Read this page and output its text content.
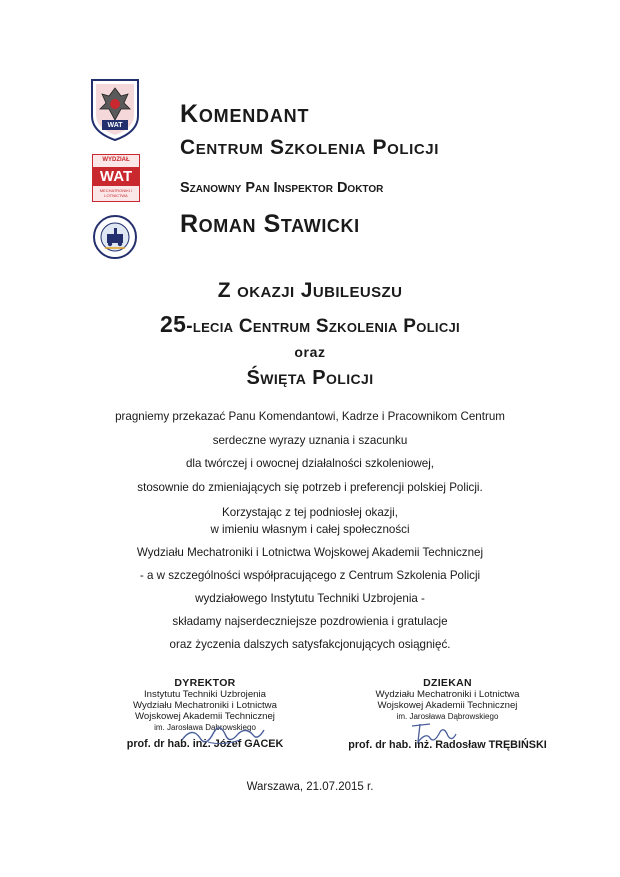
WAT
WYDZIAŁ
WAT
MECHATRONIKI I LOTNICTWA
Komendant
Centrum Szkolenia Policji
Szanowny Pan Inspektor Doktor
Roman Stawicki
Z okazji Jubileuszu
25-lecia Centrum Szkolenia Policji
oraz
Święta Policji
pragniemy przekazać Panu Komendantowi, Kadrze i Pracownikom Centrum
serdeczne wyrazy uznania i szacunku
dla twórczej i owocnej działalności szkoleniowej,
stosownie do zmieniających się potrzeb i preferencji polskiej Policji.
Korzystając z tej podniosłej okazji,
w imieniu własnym i całej społeczności
Wydziału Mechatroniki i Lotnictwa Wojskowej Akademii Technicznej
- a w szczególności współpracującego z Centrum Szkolenia Policji
wydziałowego Instytutu Techniki Uzbrojenia -
składamy najserdeczniejsze pozdrowienia i gratulacje
oraz życzenia dalszych satysfakcjonujących osiągnięć.
DYREKTOR
Instytutu Techniki Uzbrojenia
Wydziału Mechatroniki i Lotnictwa
Wojskowej Akademii Technicznej
im. Jarosława Dąbrowskiego
prof. dr hab. inż. Józef GACEK
DZIEKAN
Wydziału Mechatroniki i Lotnictwa
Wojskowej Akademii Technicznej
im. Jarosława Dąbrowskiego
prof. dr hab. inż. Radosław TRĘBIŃSKI
Warszawa, 21.07.2015 r.
